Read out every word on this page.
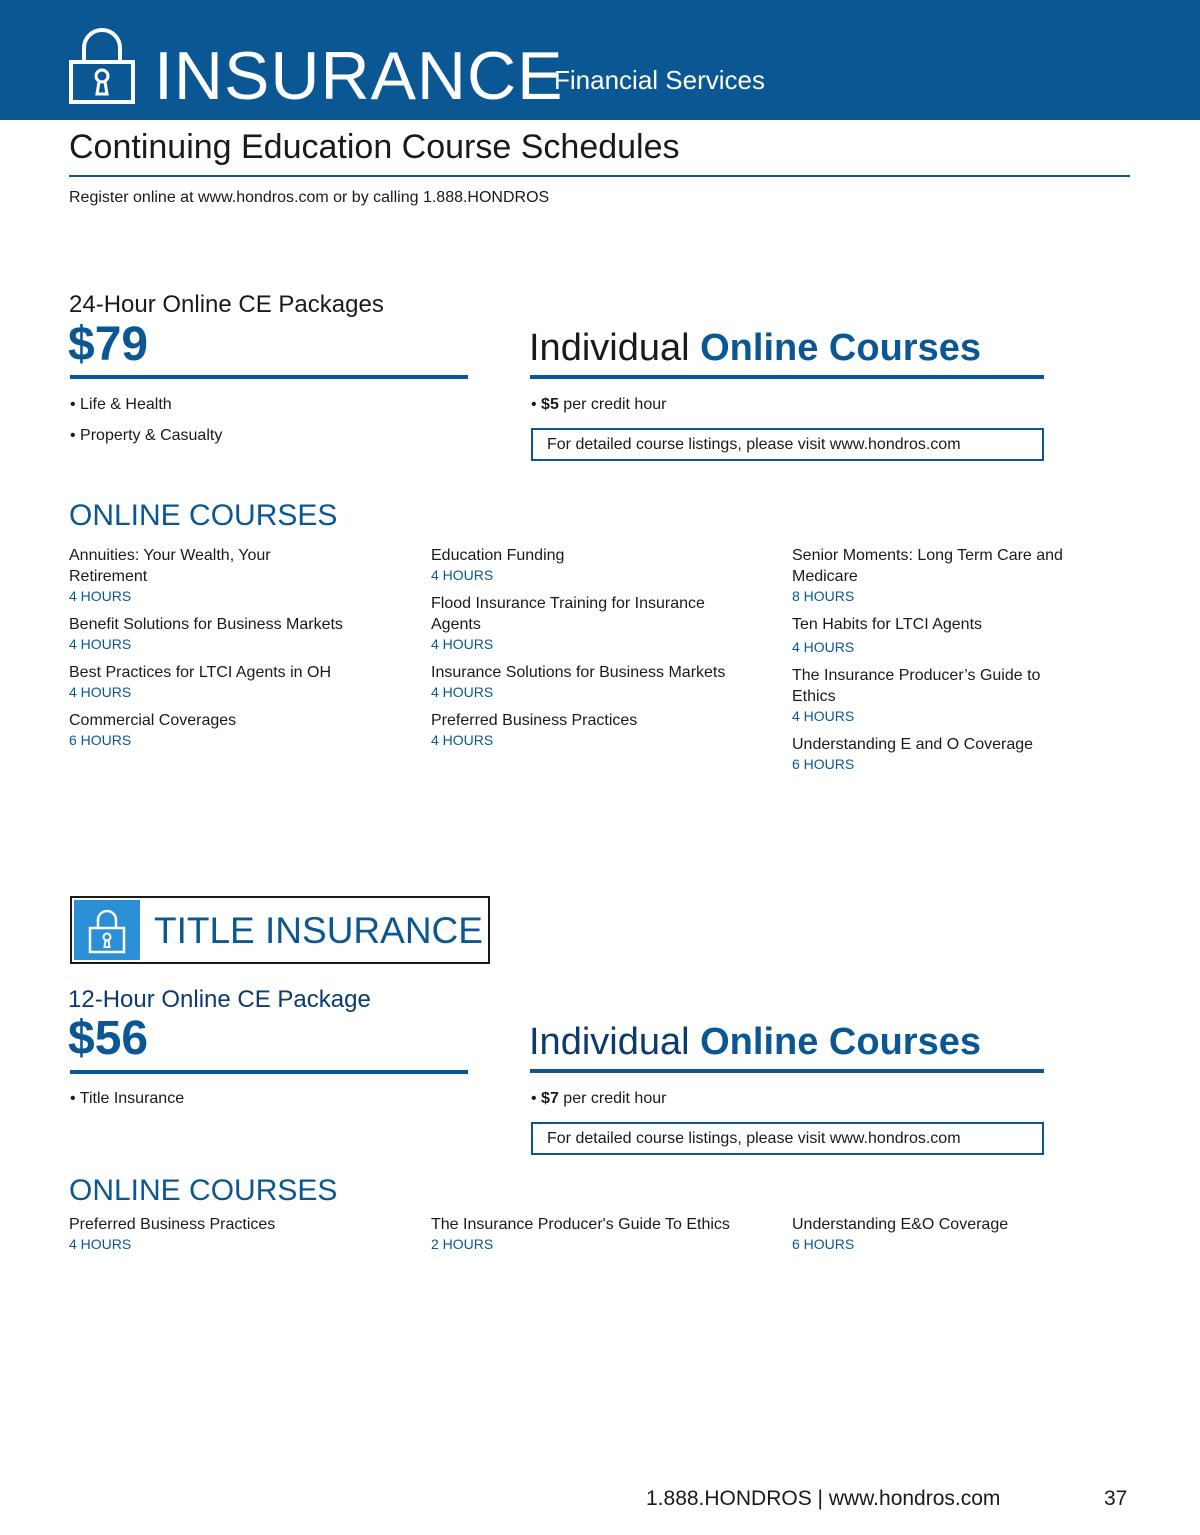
INSURANCE
Financial Services
Continuing Education Course Schedules
Register online at www.hondros.com or by calling 1.888.HONDROS
24-Hour Online CE Packages
$79
• Life & Health
• Property & Casualty
Individual Online Courses
• $5 per credit hour
For detailed course listings, please visit www.hondros.com
ONLINE COURSES
Annuities: Your Wealth, Your Retirement
4 HOURS
Benefit Solutions for Business Markets
4 HOURS
Best Practices for LTCI Agents in OH
4 HOURS
Commercial Coverages
6 HOURS
Education Funding
4 HOURS
Flood Insurance Training for Insurance Agents
4 HOURS
Insurance Solutions for Business Markets
4 HOURS
Preferred Business Practices
4 HOURS
Senior Moments: Long Term Care and Medicare
8 HOURS
Ten Habits for LTCI Agents
4 HOURS
The Insurance Producer’s Guide to Ethics
4 HOURS
Understanding E and O Coverage
6 HOURS
TITLE INSURANCE
12-Hour Online CE Package
$56
• Title Insurance
Individual Online Courses
• $7 per credit hour
For detailed course listings, please visit www.hondros.com
ONLINE COURSES
Preferred Business Practices
4 HOURS
The Insurance Producer's Guide To Ethics
2 HOURS
Understanding E&O Coverage
6 HOURS
1.888.HONDROS | www.hondros.com	37
